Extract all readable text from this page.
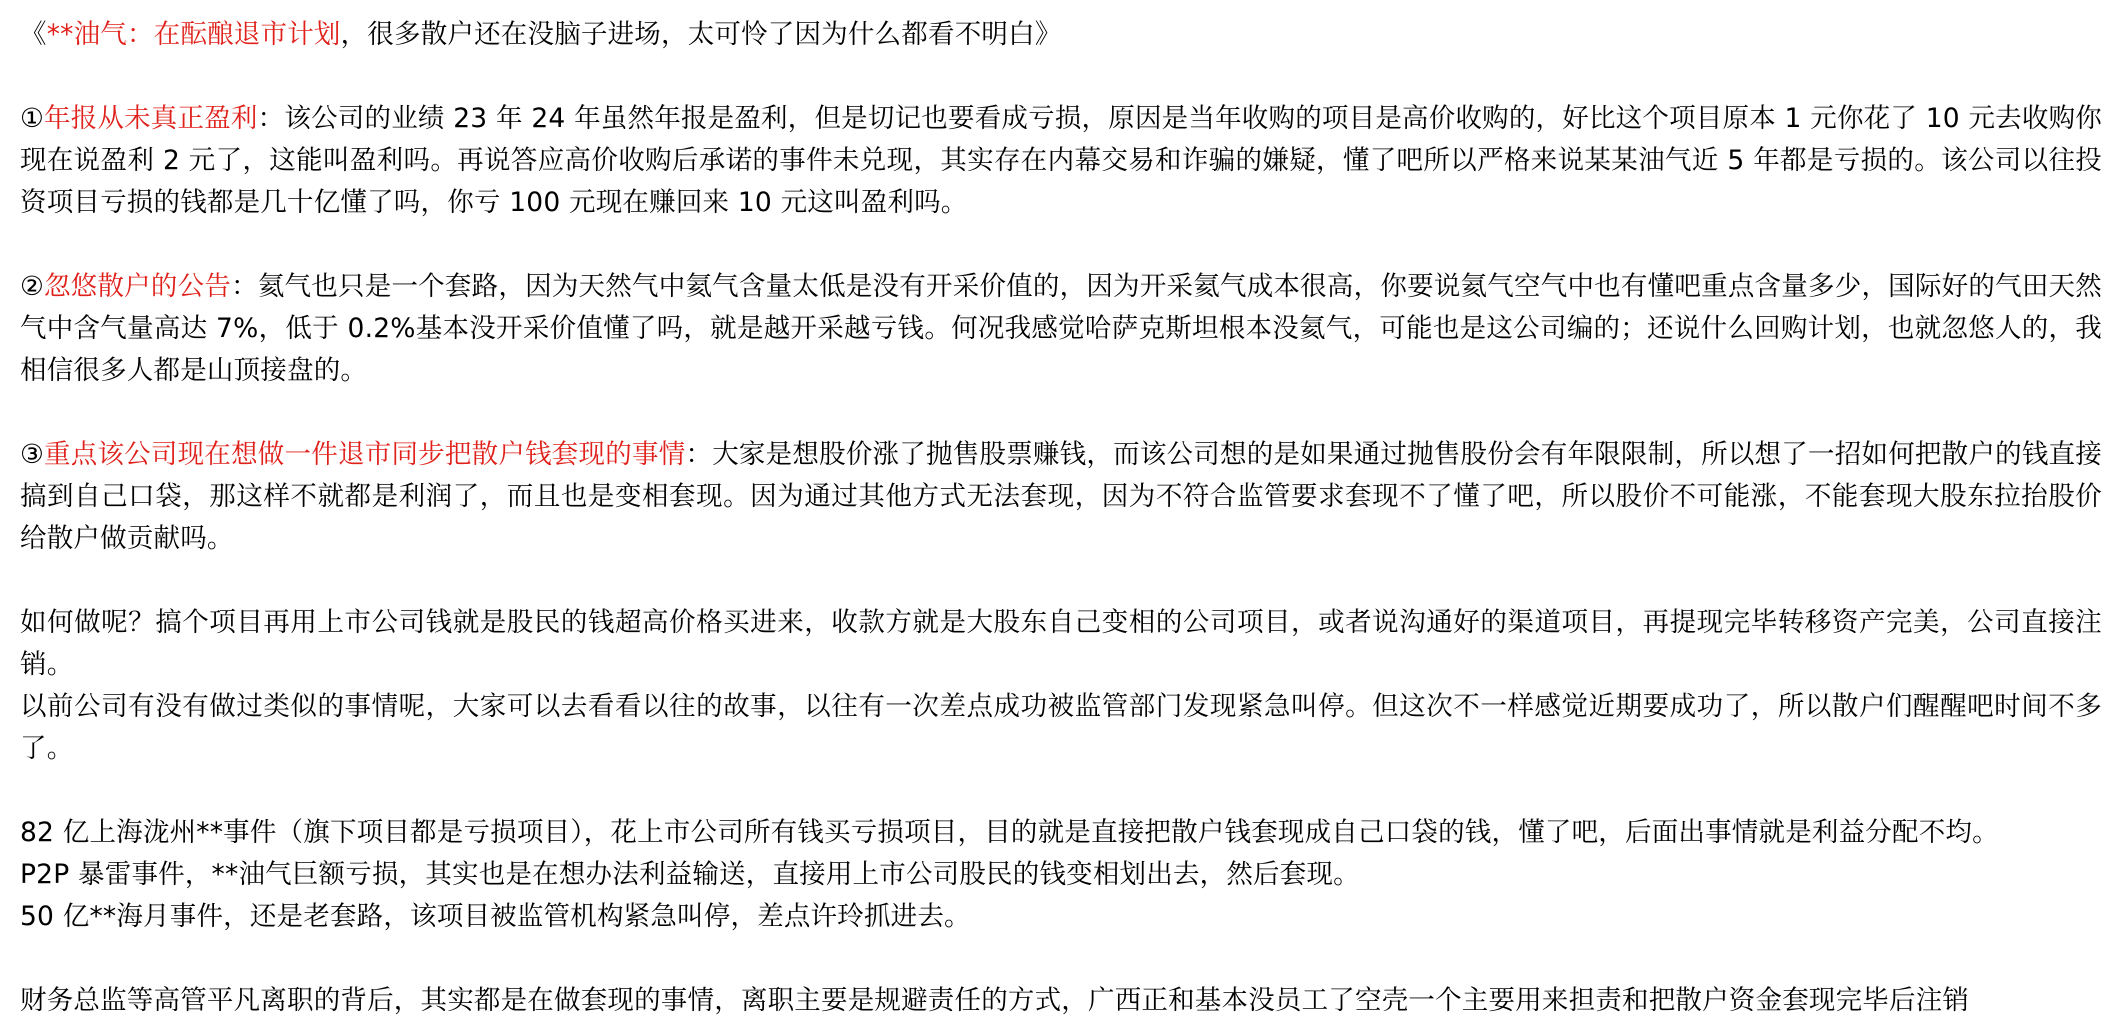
《**油气：在酝酿退市计划，很多散户还在没脑子进场，太可怜了因为什么都看不明白》

①年报从未真正盈利：该公司的业绩 23 年 24 年虽然年报是盈利，但是切记也要看成亏损，原因是当年收购的项目是高价收购的，好比这个项目原本 1 元你花了 10 元去收购你现在说盈利 2 元了，这能叫盈利吗。再说答应高价收购后承诺的事件未兑现，其实存在内幕交易和诈骗的嫌疑，懂了吧所以严格来说某某油气近 5 年都是亏损的。该公司以往投资项目亏损的钱都是几十亿懂了吗，你亏 100 元现在赚回来 10 元这叫盈利吗。

②忽悠散户的公告：氦气也只是一个套路，因为天然气中氦气含量太低是没有开采价值的，因为开采氦气成本很高，你要说氦气空气中也有懂吧重点含量多少，国际好的气田天然气中含气量高达 7%，低于 0.2%基本没开采价值懂了吗，就是越开采越亏钱。何况我感觉哈萨克斯坦根本没氦气，可能也是这公司编的；还说什么回购计划，也就忽悠人的，我相信很多人都是山顶接盘的。

③重点该公司现在想做一件退市同步把散户钱套现的事情：大家是想股价涨了抛售股票赚钱，而该公司想的是如果通过抛售股份会有年限限制，所以想了一招如何把散户的钱直接搞到自己口袋，那这样不就都是利润了，而且也是变相套现。因为通过其他方式无法套现，因为不符合监管要求套现不了懂了吧，所以股价不可能涨，不能套现大股东拉抬股价给散户做贡献吗。

如何做呢？搞个项目再用上市公司钱就是股民的钱超高价格买进来，收款方就是大股东自己变相的公司项目，或者说沟通好的渠道项目，再提现完毕转移资产完美，公司直接注销。

以前公司有没有做过类似的事情呢，大家可以去看看以往的故事，以往有一次差点成功被监管部门发现紧急叫停。但这次不一样感觉近期要成功了，所以散户们醒醒吧时间不多了。

82 亿上海泷州**事件（旗下项目都是亏损项目），花上市公司所有钱买亏损项目，目的就是直接把散户钱套现成自己口袋的钱，懂了吧，后面出事情就是利益分配不均。

P2P 暴雷事件，**油气巨额亏损，其实也是在想办法利益输送，直接用上市公司股民的钱变相划出去，然后套现。

50 亿**海月事件，还是老套路，该项目被监管机构紧急叫停，差点许玲抓进去。

财务总监等高管平凡离职的背后，其实都是在做套现的事情，离职主要是规避责任的方式，广西正和基本没员工了空壳一个主要用来担责和把散户资金套现完毕后注销
